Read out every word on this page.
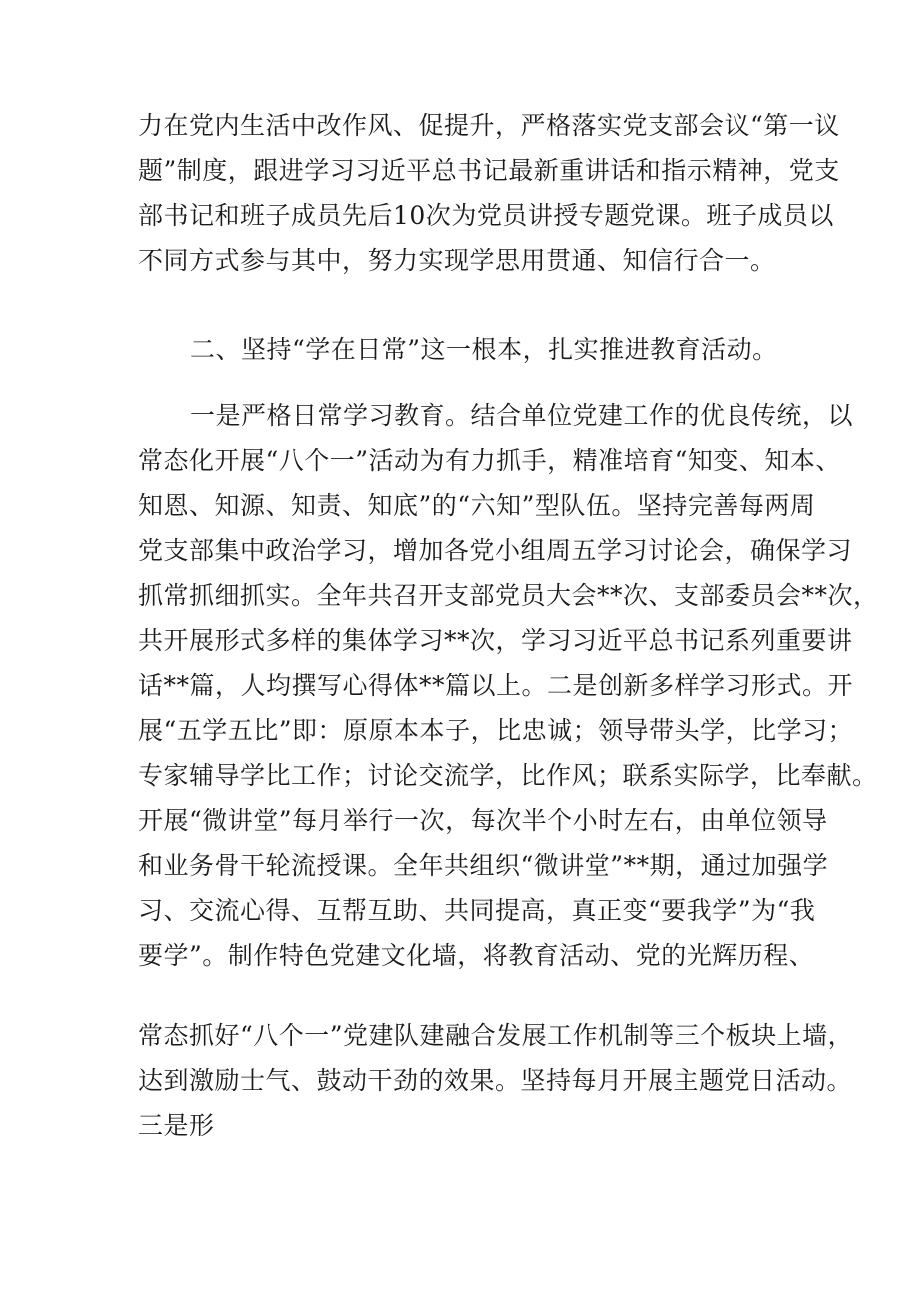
力在党内生活中改作风、促提升，严格落实党支部会议“第一议
题”制度，跟进学习习近平总书记最新重讲话和指示精神，党支
部书记和班子成员先后10次为党员讲授专题党课。班子成员以
不同方式参与其中，努力实现学思用贯通、知信行合一。
二、坚持“学在日常”这一根本，扎实推进教育活动。
一是严格日常学习教育。结合单位党建工作的优良传统，以
常态化开展“八个一”活动为有力抓手，精准培育“知变、知本、
知恩、知源、知责、知底”的“六知”型队伍。坚持完善每两周
党支部集中政治学习，增加各党小组周五学习讨论会，确保学习
抓常抓细抓实。全年共召开支部党员大会**次、支部委员会**次，
共开展形式多样的集体学习**次，学习习近平总书记系列重要讲
话**篇，人均撰写心得体**篇以上。二是创新多样学习形式。开
展“五学五比”即：原原本本子，比忠诚；领导带头学，比学习；
专家辅导学比工作；讨论交流学，比作风；联系实际学，比奉献。
开展“微讲堂”每月举行一次，每次半个小时左右，由单位领导
和业务骨干轮流授课。全年共组织“微讲堂”**期，通过加强学
习、交流心得、互帮互助、共同提高，真正变“要我学”为“我
要学”。制作特色党建文化墙，将教育活动、党的光辉历程、
常态抓好“八个一”党建队建融合发展工作机制等三个板块上墙，
达到激励士气、鼓动干劲的效果。坚持每月开展主题党日活动。
三是形
